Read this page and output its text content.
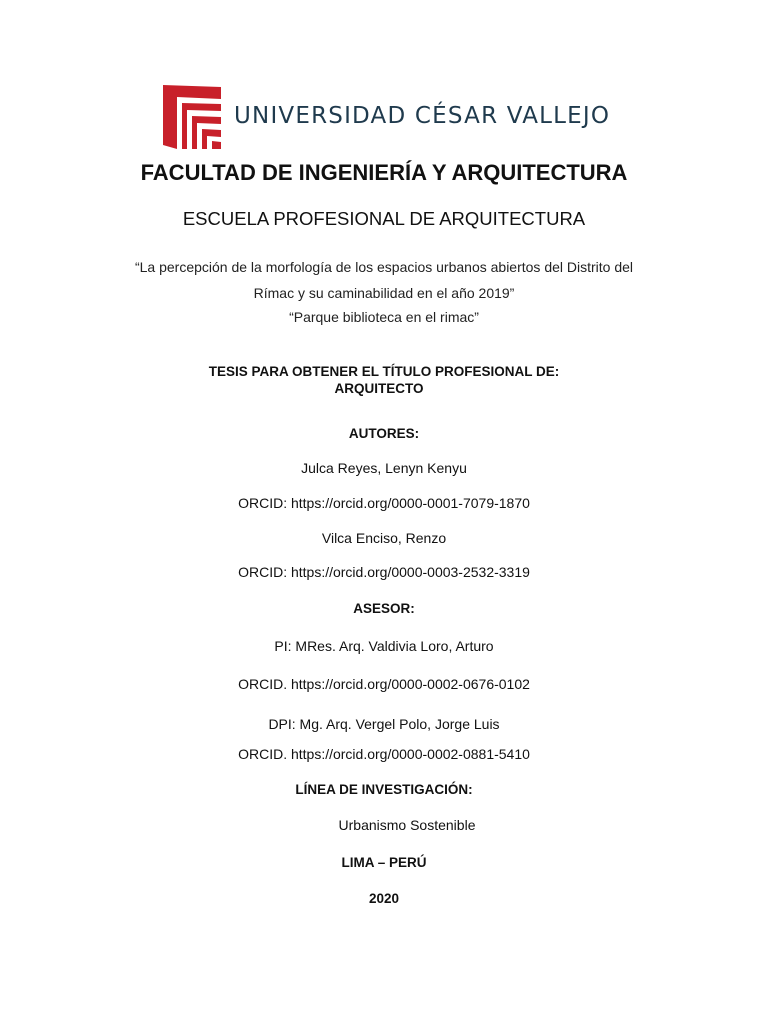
UNIVERSIDAD CÉSAR VALLEJO
FACULTAD DE INGENIERÍA Y ARQUITECTURA
ESCUELA PROFESIONAL DE ARQUITECTURA
“La percepción de la morfología de los espacios urbanos abiertos del Distrito del
Rímac y su caminabilidad en el año 2019”
“Parque biblioteca en el rimac”
TESIS PARA OBTENER EL TÍTULO PROFESIONAL DE:
ARQUITECTO
AUTORES:
Julca Reyes, Lenyn Kenyu
ORCID: https://orcid.org/0000-0001-7079-1870
Vilca Enciso, Renzo
ORCID: https://orcid.org/0000-0003-2532-3319
ASESOR:
PI: MRes. Arq. Valdivia Loro, Arturo
ORCID. https://orcid.org/0000-0002-0676-0102
DPI: Mg. Arq. Vergel Polo, Jorge Luis
ORCID. https://orcid.org/0000-0002-0881-5410
LÍNEA DE INVESTIGACIÓN:
Urbanismo Sostenible
LIMA – PERÚ
2020
